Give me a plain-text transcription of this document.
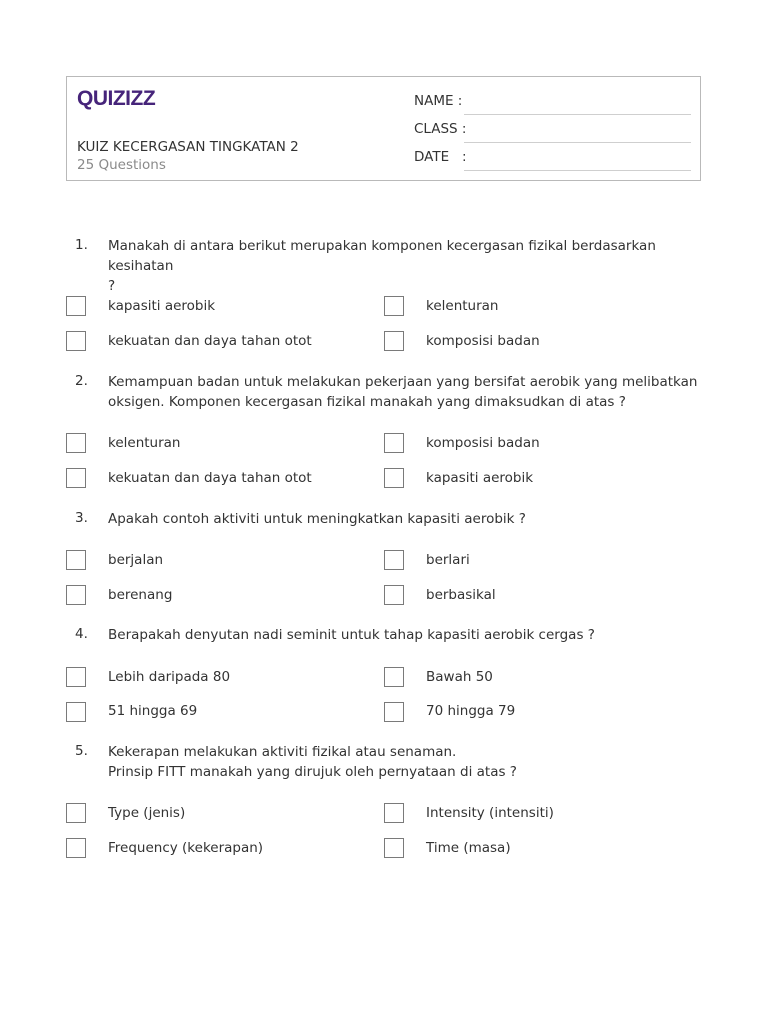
QUIZIZZ
KUIZ KECERGASAN TINGKATAN 2
25 Questions
NAME :
CLASS :
DATE   :
1. Manakah di antara berikut merupakan komponen kecergasan fizikal berdasarkan kesihatan
?
kapasiti aerobik	kelenturan
kekuatan dan daya tahan otot	komposisi badan
2. Kemampuan badan untuk melakukan pekerjaan yang bersifat aerobik yang melibatkan
oksigen. Komponen kecergasan fizikal manakah yang dimaksudkan di atas ?
kelenturan	komposisi badan
kekuatan dan daya tahan otot	kapasiti aerobik
3. Apakah contoh aktiviti untuk meningkatkan kapasiti aerobik ?
berjalan	berlari
berenang	berbasikal
4. Berapakah denyutan nadi seminit untuk tahap kapasiti aerobik cergas ?
Lebih daripada 80	Bawah 50
51 hingga 69	70 hingga 79
5. Kekerapan melakukan aktiviti fizikal atau senaman.
Prinsip FITT manakah yang dirujuk oleh pernyataan di atas ?
Type (jenis)	Intensity (intensiti)
Frequency (kekerapan)	Time (masa)
